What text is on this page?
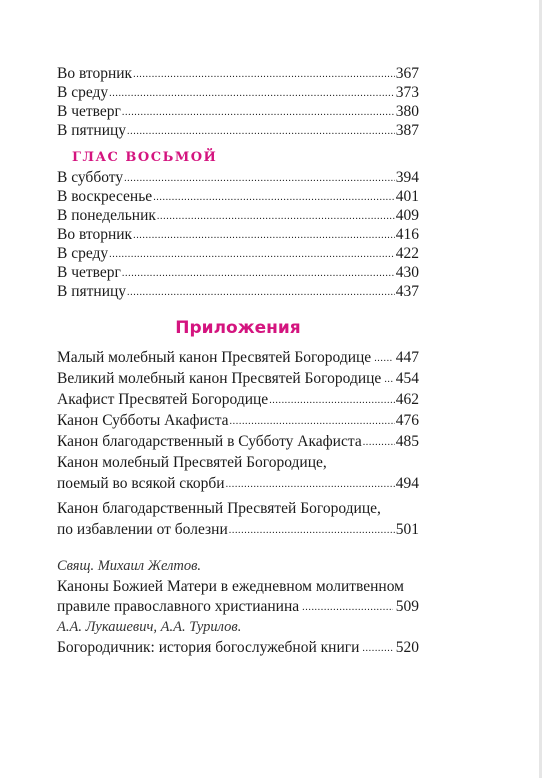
Во вторник .....	367
В среду .....	373
В четверг .....	380
В пятницу .....	387
ГЛАС ВОСЬМОЙ
В субботу .....	394
В воскресенье .....	401
В понедельник .....	409
Во вторник .....	416
В среду .....	422
В четверг .....	430
В пятницу .....	437
Приложения
Малый молебный канон Пресвятей Богородице ..... 447
Великий молебный канон Пресвятей Богородице ..... 454
Акафист Пресвятей Богородице .....	462
Канон Субботы Акафиста .....	476
Канон благодарственный в Субботу Акафиста ..... 485
Канон молебный Пресвятей Богородице,
поемый во всякой скорби .....	494
Канон благодарственный Пресвятей Богородице,
по избавлении от болезни .....	501
Свящ. Михаил Желтов.
Каноны Божией Матери в ежедневном молитвенном
правиле православного христианина .....	509
А.А. Лукашевич, А.А. Турилов.
Богородичник: история богослужебной книги ..... 520
